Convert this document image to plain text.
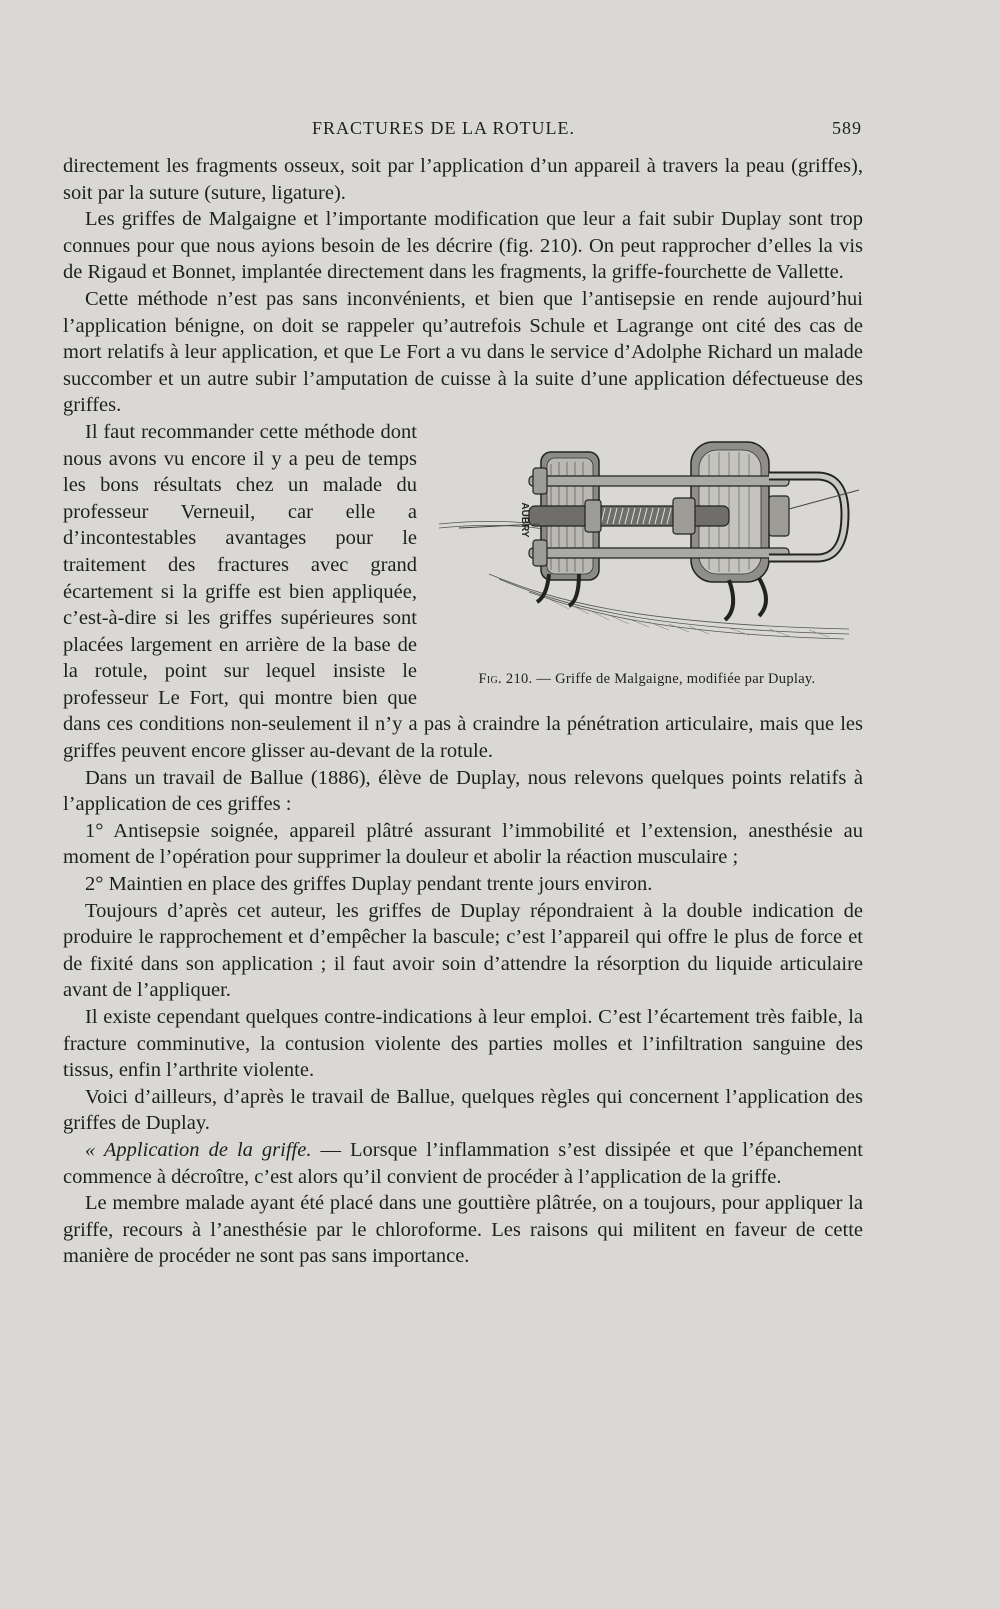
FRACTURES DE LA ROTULE.	589

directement les fragments osseux, soit par l’application d’un appareil à travers la peau (griffes), soit par la suture (suture, ligature).

Les griffes de Malgaigne et l’importante modification que leur a fait subir Duplay sont trop connues pour que nous ayions besoin de les décrire (fig. 210). On peut rapprocher d’elles la vis de Rigaud et Bonnet, implantée directement dans les fragments, la griffe-fourchette de Vallette.

Cette méthode n’est pas sans inconvénients, et bien que l’antisepsie en rende aujourd’hui l’application bénigne, on doit se rappeler qu’autrefois Schule et Lagrange ont cité des cas de mort relatifs à leur application, et que Le Fort a vu dans le service d’Adolphe Richard un malade succomber et un autre subir l’amputation de cuisse à la suite d’une application défectueuse des griffes.

AUBRY
Fig. 210. — Griffe de Malgaigne, modifiée par Duplay.

Il faut recommander cette méthode dont nous avons vu encore il y a peu de temps les bons résultats chez un malade du professeur Verneuil, car elle a d’incontestables avantages pour le traitement des fractures avec grand écartement si la griffe est bien appliquée, c’est-à-dire si les griffes supérieures sont placées largement en arrière de la base de la rotule, point sur lequel insiste le professeur Le Fort, qui montre bien que dans ces conditions non-seulement il n’y a pas à craindre la pénétration articulaire, mais que les griffes peuvent encore glisser au-devant de la rotule.

Dans un travail de Ballue (1886), élève de Duplay, nous relevons quelques points relatifs à l’application de ces griffes :

1° Antisepsie soignée, appareil plâtré assurant l’immobilité et l’extension, anesthésie au moment de l’opération pour supprimer la douleur et abolir la réaction musculaire ;

2° Maintien en place des griffes Duplay pendant trente jours environ.

Toujours d’après cet auteur, les griffes de Duplay répondraient à la double indication de produire le rapprochement et d’empêcher la bascule; c’est l’appareil qui offre le plus de force et de fixité dans son application ; il faut avoir soin d’attendre la résorption du liquide articulaire avant de l’appliquer.

Il existe cependant quelques contre-indications à leur emploi. C’est l’écartement très faible, la fracture comminutive, la contusion violente des parties molles et l’infiltration sanguine des tissus, enfin l’arthrite violente.

Voici d’ailleurs, d’après le travail de Ballue, quelques règles qui concernent l’application des griffes de Duplay.

« Application de la griffe. — Lorsque l’inflammation s’est dissipée et que l’épanchement commence à décroître, c’est alors qu’il convient de procéder à l’application de la griffe.

Le membre malade ayant été placé dans une gouttière plâtrée, on a toujours, pour appliquer la griffe, recours à l’anesthésie par le chloroforme. Les raisons qui militent en faveur de cette manière de procéder ne sont pas sans importance.
